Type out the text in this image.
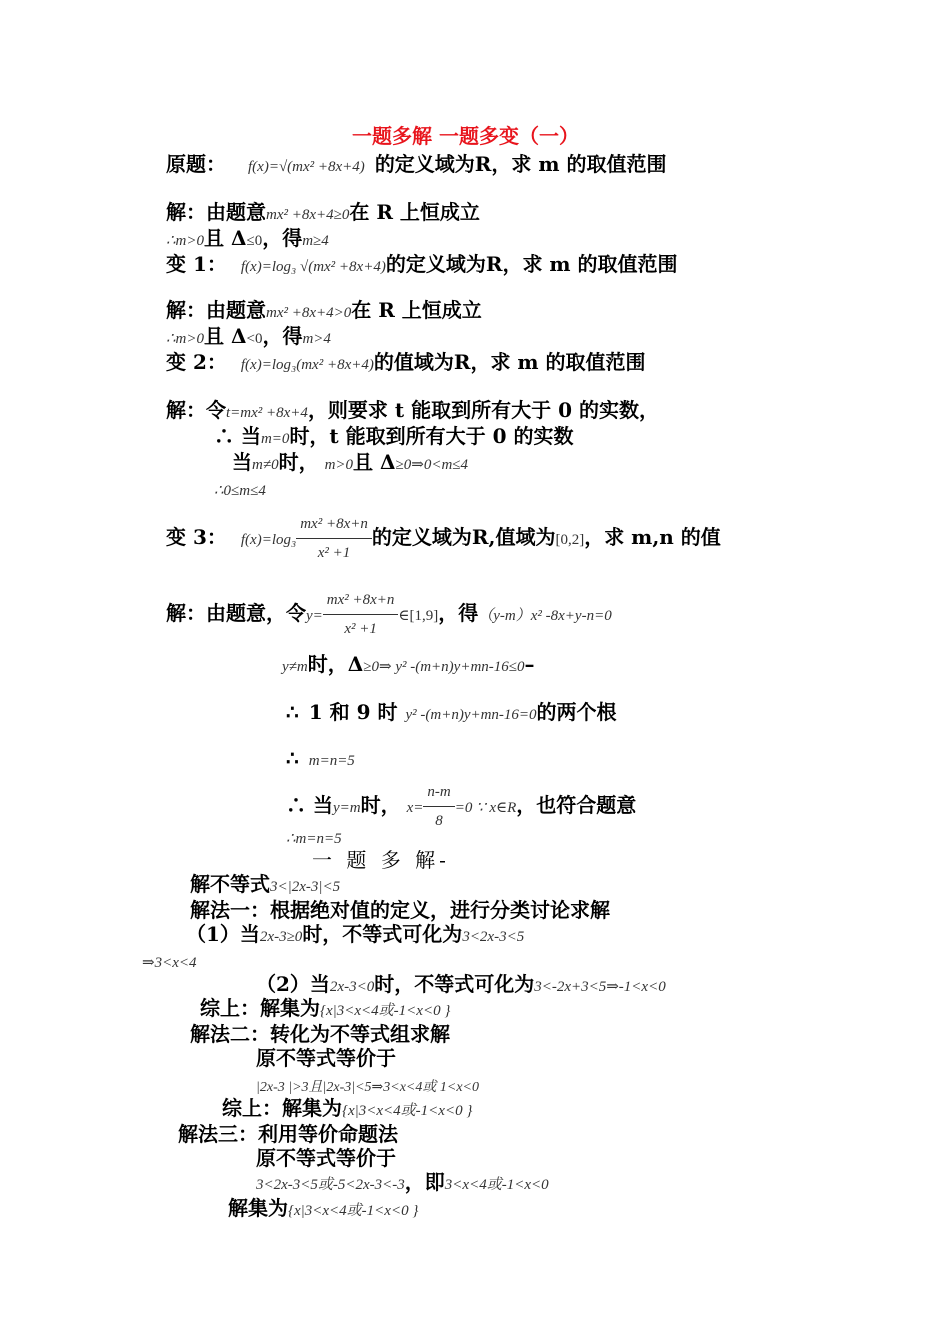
一题多解 一题多变（一）
原题： f(x)=√(mx² +8x+4) 的定义域为R，求 m 的取值范围
解：由题意mx² +8x+4≥0在 R 上恒成立
∴m>0且 Δ≤0，得m≥4
变 1： f(x)=log₃ √(mx² +8x+4)的定义域为R，求 m 的取值范围
解：由题意mx² +8x+4>0在 R 上恒成立
∴m>0且 Δ<0，得m>4
变 2： f(x)=log₃(mx² +8x+4)的值域为R，求 m 的取值范围
解：令t=mx² +8x+4，则要求 t 能取到所有大于 0 的实数，
∴ 当m=0时，t 能取到所有大于 0 的实数
当m≠0时， m>0且 Δ≥0⇒0<m≤4
∴0≤m≤4
变 3： $f(x)=\log_3 \frac{\text{mx² +8x+n}}{\text{x² +1}}$ 的定义域为R,值域为[0,2]，求 m,n 的值
解：由题意，令$y= \frac{\text{mx² +8x+n}}{\text{x² +1}}$ ∈[1,9]，得（y-m）x² -8x+y-n=0
y≠m时，Δ≥0⇒ y² -(m+n)y+mn-16≤0–
∴ 1 和 9 时 y² -(m+n)y+mn-16=0的两个根
∴ m=n=5
∴ 当y=m时， $x= \frac{n-m}{8} =0$ ∵ x∈R，也符合题意
∴m=n=5
一 题 多 解-
解不等式3<|2x-3|<5
解法一：根据绝对值的定义，进行分类讨论求解
（1）当2x-3≥0时，不等式可化为3<2x-3<5
⇒3<x<4
（2）当2x-3<0时，不等式可化为3<-2x+3<5⇒-1<x<0
综上：解集为{x|3<x<4或-1<x<0 }
解法二：转化为不等式组求解
原不等式等价于
|2x-3 |>3且|2x-3|<5⇒3<x<4或 1<x<0
综上：解集为{x|3<x<4或-1<x<0 }
解法三：利用等价命题法
原不等式等价于
3<2x-3<5或-5<2x-3<-3，即3<x<4或-1<x<0
解集为{x|3<x<4或-1<x<0 }
